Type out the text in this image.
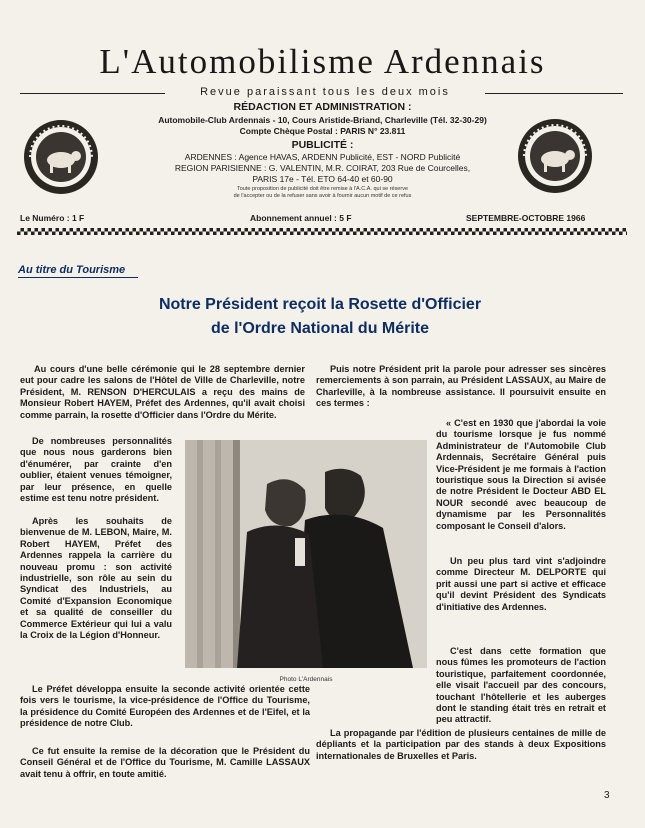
L'Automobilisme Ardennais
Revue paraissant tous les deux mois
RÉDACTION ET ADMINISTRATION :
Automobile-Club Ardennais - 10, Cours Aristide-Briand, Charleville (Tél. 32-30-29)
Compte Chèque Postal : PARIS N° 23.811
PUBLICITÉ :
ARDENNES : Agence HAVAS, ARDENN Publicité, EST - NORD Publicité
REGION PARISIENNE : G. VALENTIN, M.R. COIRAT, 203 Rue de Courcelles,
PARIS 17e - Tél. ETO 64-40 et 60-90
Toute proposition de publicité doit être remise à l'A.C.A. qui se réserve
de l'accepter ou de la refuser sans avoir à fournir aucun motif de ce refus
Le Numéro : 1 F	Abonnement annuel : 5 F	SEPTEMBRE-OCTOBRE 1966
Au titre du Tourisme
Notre Président reçoit la Rosette d'Officier
de l'Ordre National du Mérite

Au cours d'une belle cérémonie qui le 28 septembre dernier eut pour cadre les salons de l'Hôtel de Ville de Charleville, notre Président, M. RENSON D'HERCULAIS a reçu des mains de Monsieur Robert HAYEM, Préfet des Ardennes, qu'il avait choisi comme parrain, la rosette d'Officier dans l'Ordre du Mérite.

De nombreuses personnalités que nous nous garderons bien d'énumérer, par crainte d'en oublier, étaient venues témoigner, par leur présence, en quelle estime est tenu notre président.

Après les souhaits de bienvenue de M. LEBON, Maire, M. Robert HAYEM, Préfet des Ardennes rappela la carrière du nouveau promu : son activité industrielle, son rôle au sein du Syndicat des Industriels, au Comité d'Expansion Economique et sa qualité de conseiller du Commerce Extérieur qui lui a valu la Croix de la Légion d'Honneur.

Le Préfet développa ensuite la seconde activité orientée cette fois vers le tourisme, la vice-présidence de l'Office du Tourisme, la présidence du Comité Européen des Ardennes et de l'Eifel, et la présidence de notre Club.

Ce fut ensuite la remise de la décoration que le Président du Conseil Général et de l'Office du Tourisme, M. Camille LASSAUX avait tenu à offrir, en toute amitié.

Puis notre Président prit la parole pour adresser ses sincères remerciements à son parrain, au Président LASSAUX, au Maire de Charleville, à la nombreuse assistance. Il poursuivit ensuite en ces termes :

« C'est en 1930 que j'abordai la voie du tourisme lorsque je fus nommé Administrateur de l'Automobile Club Ardennais, Secrétaire Général puis Vice-Président je me formais à l'action touristique sous la Direction si avisée de notre Président le Docteur ABD EL NOUR secondé avec beaucoup de dynamisme par les Personnalités composant le Conseil d'alors.

Un peu plus tard vint s'adjoindre comme Directeur M. DELPORTE qui prit aussi une part si active et efficace qu'il devint Président des Syndicats d'initiative des Ardennes.

C'est dans cette formation que nous fûmes les promoteurs de l'action touristique, parfaitement coordonnée, elle visait l'accueil par des concours, touchant l'hôtellerie et les auberges dont le standing était très en retrait et peu attractif.

La propagande par l'édition de plusieurs centaines de mille de dépliants et la participation par des stands à deux Expositions internationales de Bruxelles et Paris.

Photo L'Ardennais
3
